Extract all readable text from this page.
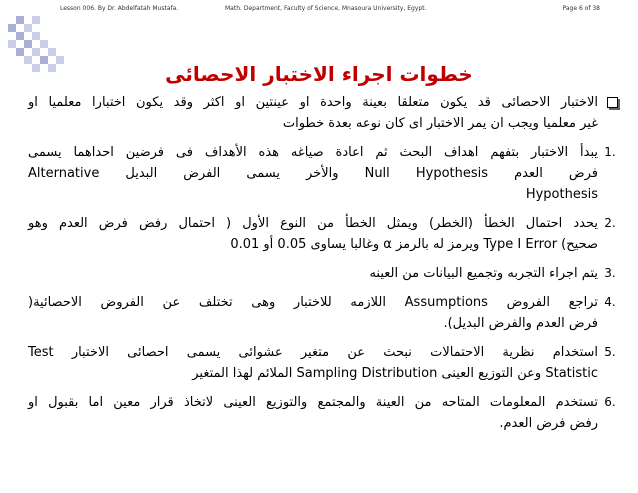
Lesson 006. By Dr. Abdelfatah Mustafa.	Math. Department, Faculty of Science, Mnasoura University, Egypt.	Page 6 of 38
خطوات اجراء الاختبار الاحصائى
الاختبار الاحصائى قد يكون متعلقا بعينة واحدة او عينتين او اكثر وقد يكون اختبارا معلميا او
غير معلميا ويجب ان يمر الاختبار اى كان نوعه بعدة خطوات
1.
يبدأ الاختبار بتفهم اهداف البحث ثم اعادة صياغه هذه الأهداف فى فرضين احداهما يسمى
فرض العدم Null Hypothesis والأخر يسمى الفرض البديل Alternative
Hypothesis
2.
يحدد احتمال الخطأ (الخطر) ويمثل الخطأ من النوع الأول ( احتمال رفض فرض العدم وهو
صحيح) Type I Error ويرمز له بالرمز α وغالبا يساوى 0.05 أو 0.01
3.
يتم اجراء التجربه وتجميع البيانات من العينه
4.
تراجع الفروض Assumptions اللازمه للاختبار وهى تختلف عن الفروض الاحصائية(
فرض العدم والفرض البديل).
5.
استخدام نظرية الاحتمالات نبحث عن متغير عشوائى يسمى احصائى الاختبار Test
Statistic وعن التوزيع العينى Sampling Distribution الملائم لهذا المتغير
6.
تستخدم المعلومات المتاحه من العينة والمجتمع والتوزيع العينى لاتخاذ قرار معين اما بقبول او
رفض فرض العدم.
